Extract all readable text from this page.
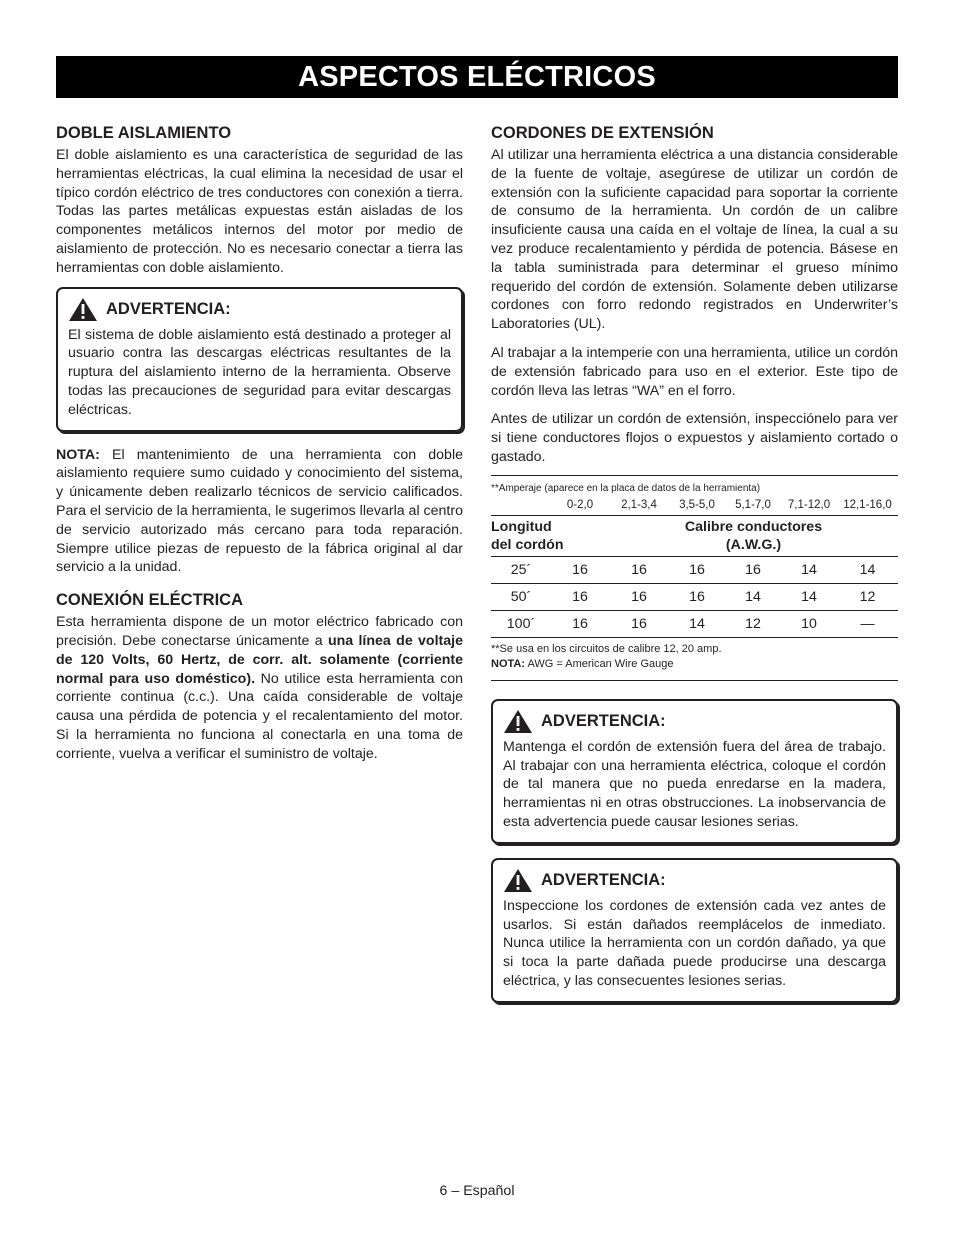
ASPECTOS ELÉCTRICOS
DOBLE AISLAMIENTO

El doble aislamiento es una característica de seguridad de las herramientas eléctricas, la cual elimina la necesidad de usar el típico cordón eléctrico de tres conductores con conexión a tierra. Todas las partes metálicas expuestas están aisladas de los componentes metálicos internos del motor por medio de aislamiento de protección. No es necesario conectar a tierra las herramientas con doble aislamiento.

ADVERTENCIA:

El sistema de doble aislamiento está destinado a proteger al usuario contra las descargas eléctricas resultantes de la ruptura del aislamiento interno de la herramienta. Observe todas las precauciones de seguridad para evitar descargas eléctricas.

NOTA: El mantenimiento de una herramienta con doble aislamiento requiere sumo cuidado y conocimiento del sistema, y únicamente deben realizarlo técnicos de servicio calificados. Para el servicio de la herramienta, le sugerimos llevarla al centro de servicio autorizado más cercano para toda reparación. Siempre utilice piezas de repuesto de la fábrica original al dar servicio a la unidad.

CONEXIÓN ELÉCTRICA

Esta herramienta dispone de un motor eléctrico fabricado con precisión. Debe conectarse únicamente a una línea de voltaje de 120 Volts, 60 Hertz, de corr. alt. solamente (corriente normal para uso doméstico). No utilice esta herramienta con corriente continua (c.c.). Una caída considerable de voltaje causa una pérdida de potencia y el recalentamiento del motor. Si la herramienta no funciona al conectarla en una toma de corriente, vuelva a verificar el suministro de voltaje.

CORDONES DE EXTENSIÓN

Al utilizar una herramienta eléctrica a una distancia considerable de la fuente de voltaje, asegúrese de utilizar un cordón de extensión con la suficiente capacidad para soportar la corriente de consumo de la herramienta. Un cordón de un calibre insuficiente causa una caída en el voltaje de línea, la cual a su vez produce recalentamiento y pérdida de potencia. Básese en la tabla suministrada para determinar el grueso mínimo requerido del cordón de extensión. Solamente deben utilizarse cordones con forro redondo registrados en Underwriter’s Laboratories (UL).

Al trabajar a la intemperie con una herramienta, utilice un cordón de extensión fabricado para uso en el exterior. Este tipo de cordón lleva las letras “WA” en el forro.

Antes de utilizar un cordón de extensión, inspecciónelo para ver si tiene conductores flojos o expuestos y aislamiento cortado o gastado.

**Amperaje (aparece en la placa de datos de la herramienta)
	0-2,0	2,1-3,4	3,5-5,0	5,1-7,0	7,1-12,0	12,1-16,0
Longitud
del cordón		Calibre conductores
(A.W.G.)				
25´	16	16	16	16	14	14
50´	16	16	16	14	14	12
100´	16	16	14	12	10	—
**Se usa en los circuitos de calibre 12, 20 amp.
NOTA: AWG = American Wire Gauge
ADVERTENCIA:

Mantenga el cordón de extensión fuera del área de trabajo. Al trabajar con una herramienta eléctrica, coloque el cordón de tal manera que no pueda enredarse en la madera, herramientas ni en otras obstrucciones. La inobservancia de esta advertencia puede causar lesiones serias.

ADVERTENCIA:

Inspeccione los cordones de extensión cada vez antes de usarlos. Si están dañados reemplácelos de inmediato. Nunca utilice la herramienta con un cordón dañado, ya que si toca la parte dañada puede producirse una descarga eléctrica, y las consecuentes lesiones serias.

6 – Español
